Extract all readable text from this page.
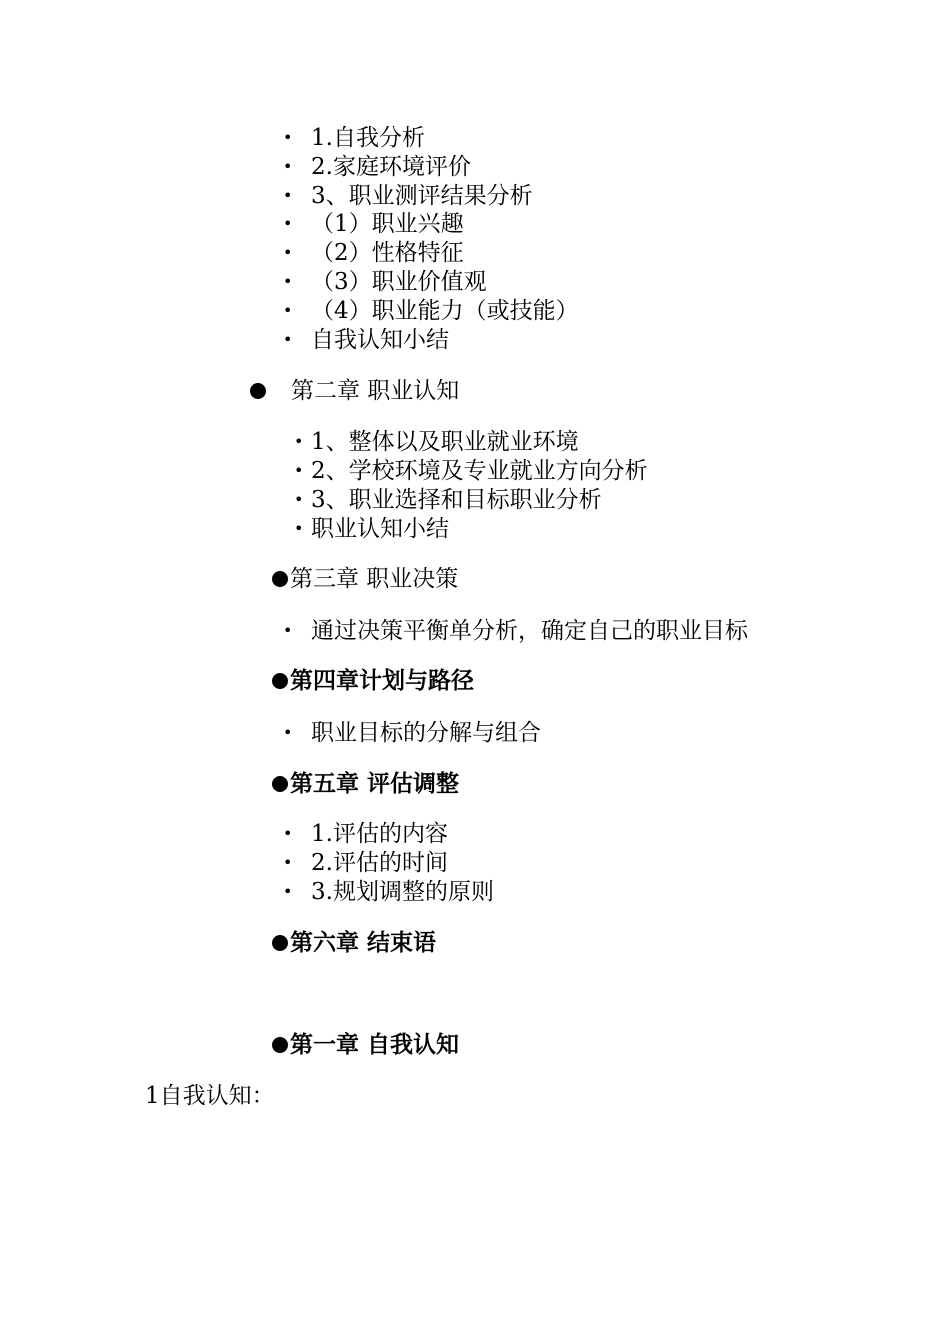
• 1.自我分析
• 2.家庭环境评价
• 3、职业测评结果分析
• （1）职业兴趣
• （2）性格特征
• （3）职业价值观
• （4）职业能力（或技能）
• 自我认知小结
第二章 职业认知
• 1、整体以及职业就业环境
• 2、学校环境及专业就业方向分析
• 3、职业选择和目标职业分析
• 职业认知小结
第三章 职业决策
• 通过决策平衡单分析，确定自己的职业目标
第四章计划与路径
• 职业目标的分解与组合
第五章 评估调整
• 1.评估的内容
• 2.评估的时间
• 3.规划调整的原则
第六章 结束语
第一章 自我认知
1自我认知：
